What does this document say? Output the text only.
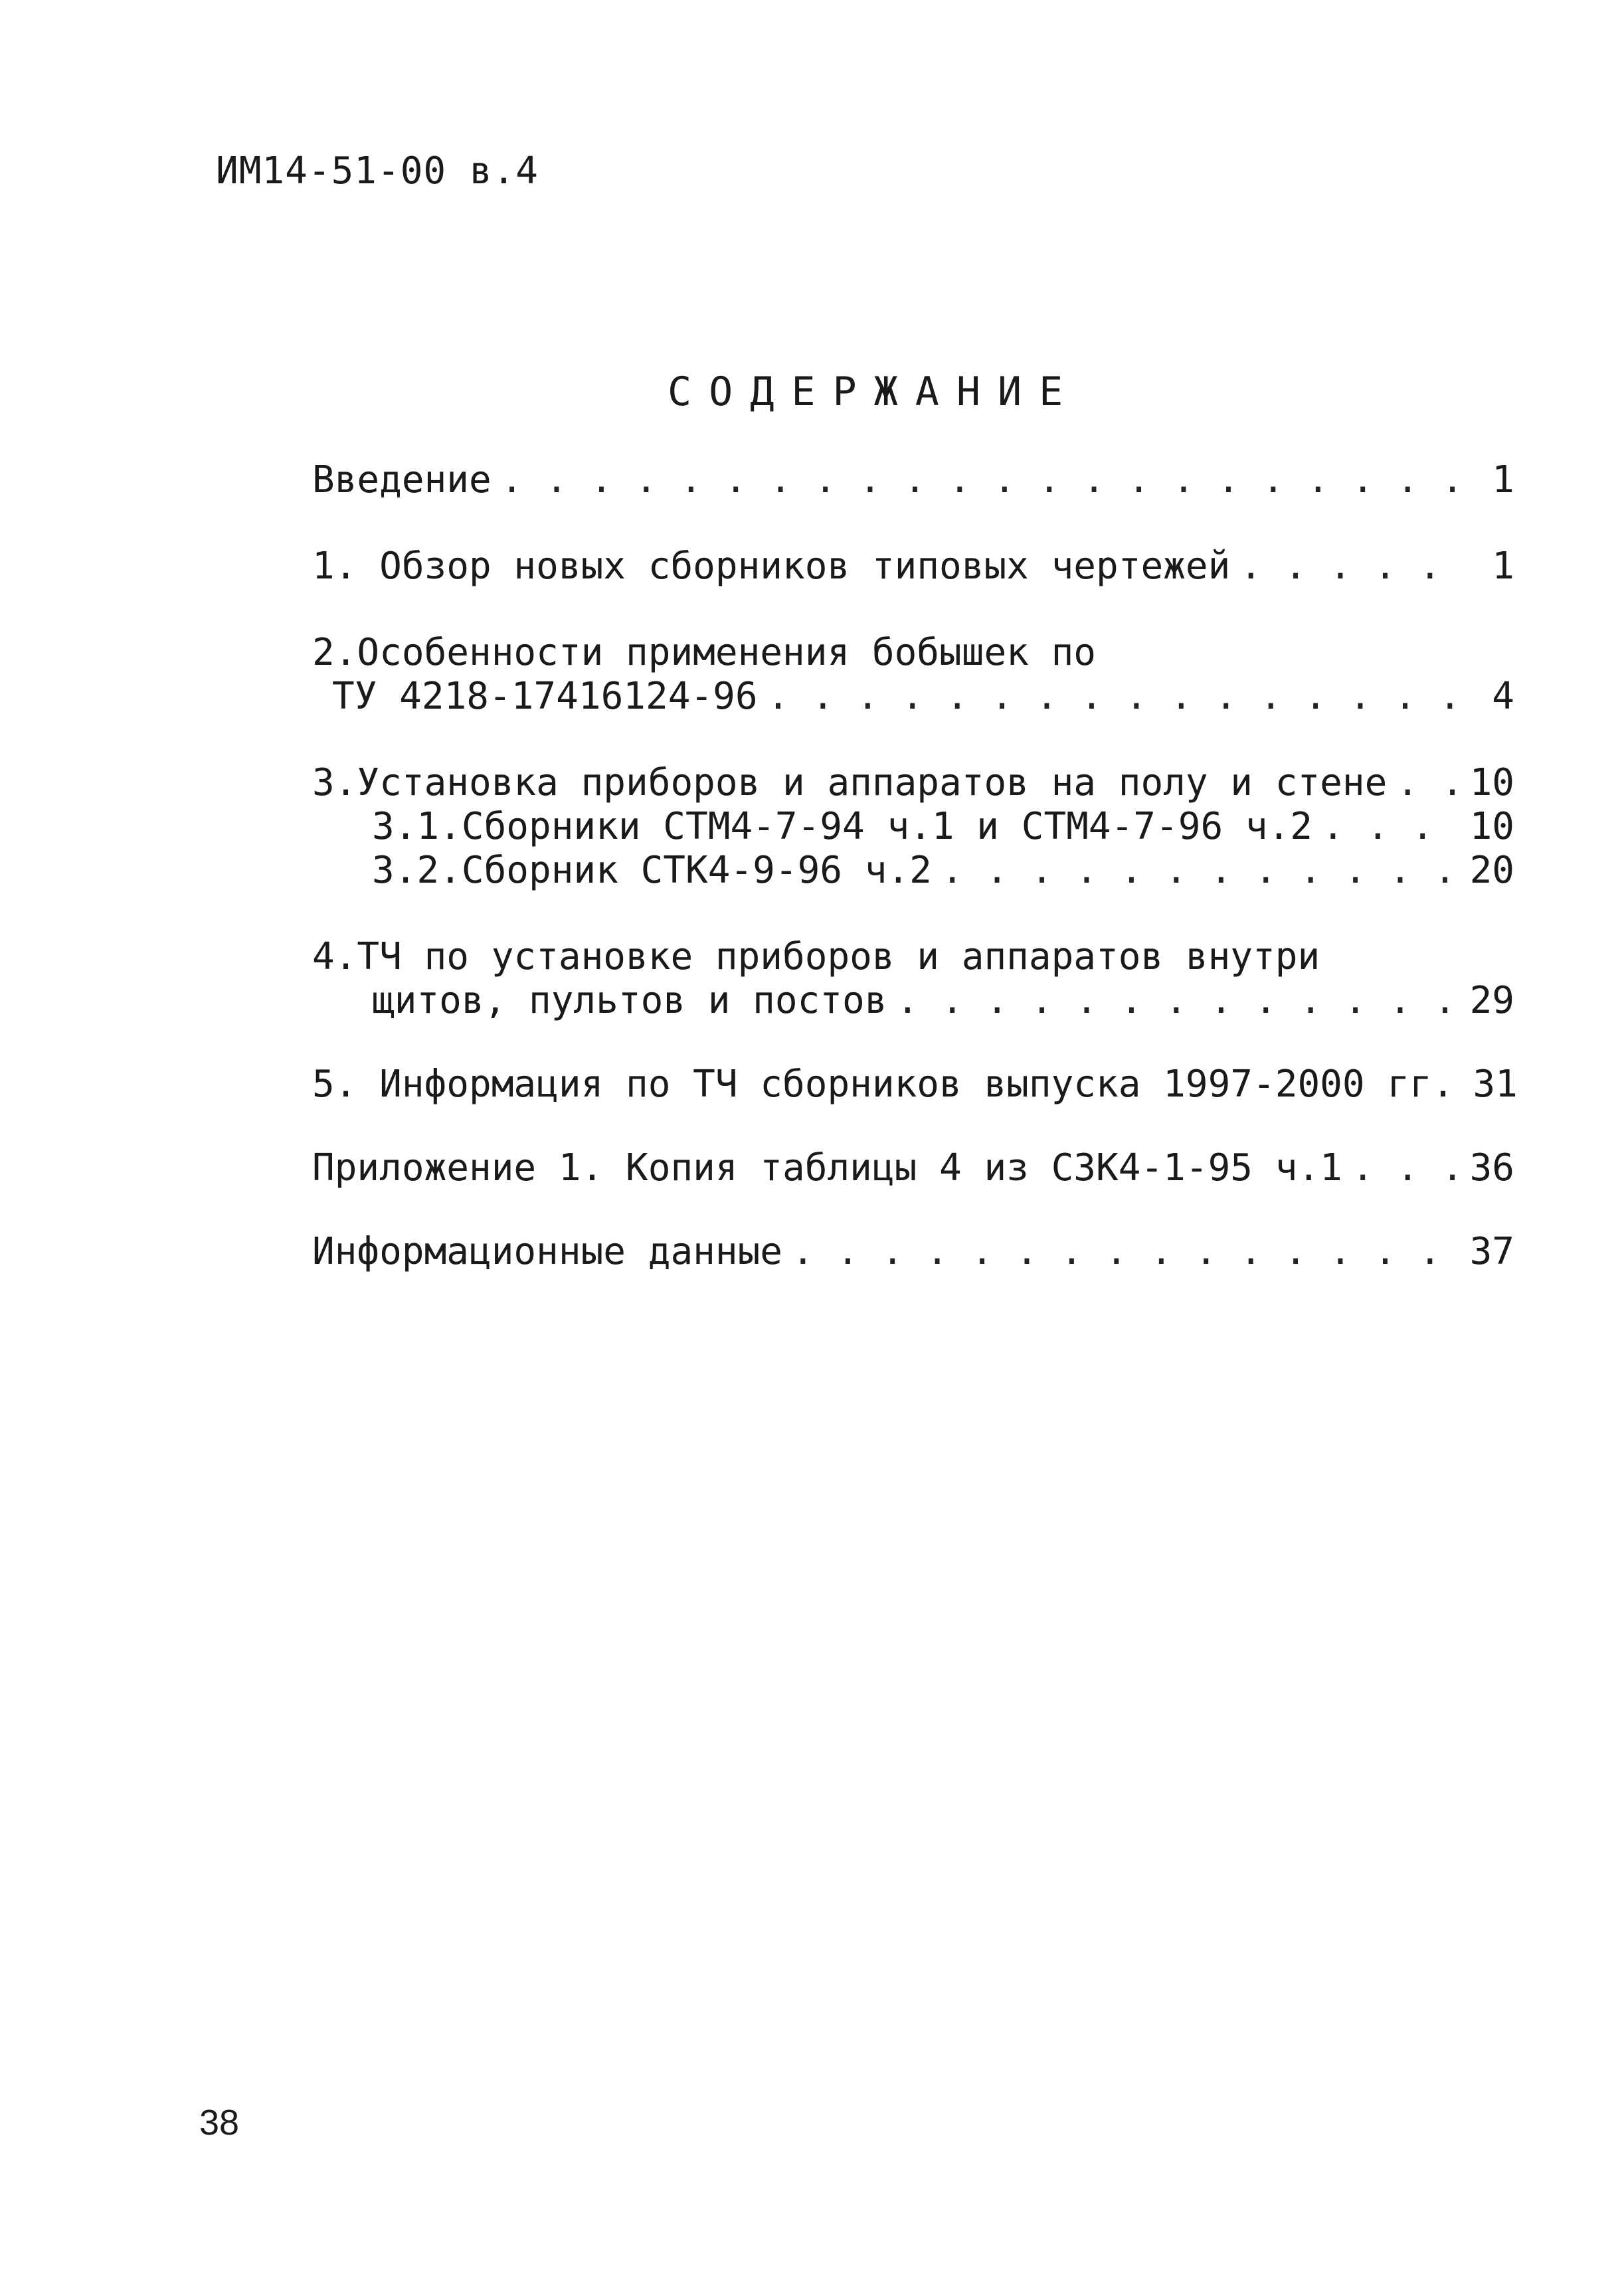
ИМ14-51-00 в.4
СОДЕРЖАНИЕ
Введение . . .	1
1. Обзор новых сборников типовых чертежей . . .	1
2.Особенности применения бобышек по
ТУ 4218-17416124-96 . . .	4
3.Установка приборов и аппаратов на полу и стене . . . 10
3.1.Сборники СТМ4-7-94 ч.1 и СТМ4-7-96 ч.2 . . .	10
3.2.Сборник СТК4-9-96 ч.2 . . .	20
4.ТЧ по установке приборов и аппаратов внутри
щитов, пультов и постов . . .	29
5. Информация по ТЧ сборников выпуска 1997-2000 гг. 31
Приложение 1. Копия таблицы 4 из СЗК4-1-95 ч.1 . . .	36
Информационные данные . . .	37
38
